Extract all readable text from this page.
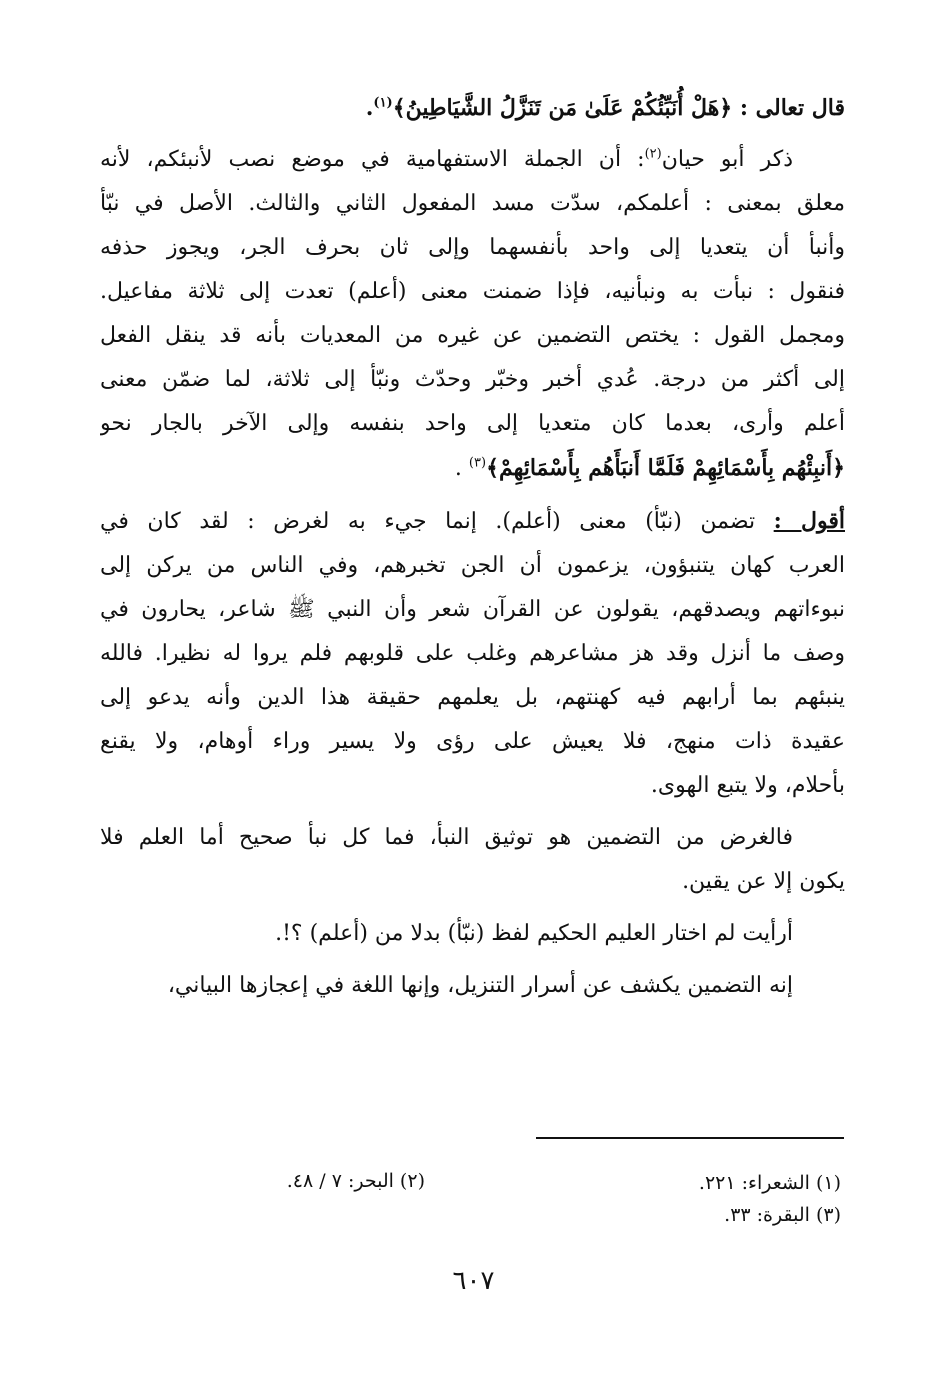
قال تعالى : ﴿هَلْ أُنَبِّئُكُمْ عَلَىٰ مَن تَنَزَّلُ الشَّيَاطِينُ﴾$^{(١)}$.

ذكر أبو حيان$^{(٢)}$: أن الجملة الاستفهامية في موضع نصب لأنبئكم، لأنه
معلق بمعنى : أعلمكم، سدّت مسد المفعول الثاني والثالث. الأصل في نبّأ
وأنبأ أن يتعديا إلى واحد بأنفسهما وإلى ثان بحرف الجر، ويجوز حذفه
فنقول : نبأت به ونبأنيه، فإذا ضمنت معنى (أعلم) تعدت إلى ثلاثة مفاعيل.
ومجمل القول : يختص التضمين عن غيره من المعديات بأنه قد ينقل الفعل
إلى أكثر من درجة. عُدي أخبر وخبّر وحدّث ونبّأ إلى ثلاثة، لما ضمّن معنى
أعلم وأرى، بعدما كان متعديا إلى واحد بنفسه وإلى الآخر بالجار نحو
﴿أَنبِئْهُم بِأَسْمَائِهِمْ فَلَمَّا أَنبَأَهُم بِأَسْمَائِهِمْ﴾$^{(٣)}$ .

أقول : تضمن (نبّأ) معنى (أعلم). إنما جيء به لغرض : لقد كان في
العرب كهان يتنبؤون، يزعمون أن الجن تخبرهم، وفي الناس من يركن إلى
نبوءاتهم ويصدقهم، يقولون عن القرآن شعر وأن النبي ﷺ شاعر، يحارون في
وصف ما أنزل وقد هز مشاعرهم وغلب على قلوبهم فلم يروا له نظيرا. فالله
ينبئهم بما أرابهم فيه كهنتهم، بل يعلمهم حقيقة هذا الدين وأنه يدعو إلى
عقيدة ذات منهج، فلا يعيش على رؤى ولا يسير وراء أوهام، ولا يقنع
بأحلام، ولا يتبع الهوى.

فالغرض من التضمين هو توثيق النبأ، فما كل نبأ صحيح أما العلم فلا
يكون إلا عن يقين.

أرأيت لم اختار العليم الحكيم لفظ (نبّأ) بدلا من (أعلم) ؟!.

إنه التضمين يكشف عن أسرار التنزيل، وإنها اللغة في إعجازها البياني،

(١) الشعراء: ٢٢١.
(٢) البحر: ٧ / ٤٨.
(٣) البقرة: ٣٣.
٦٠٧
